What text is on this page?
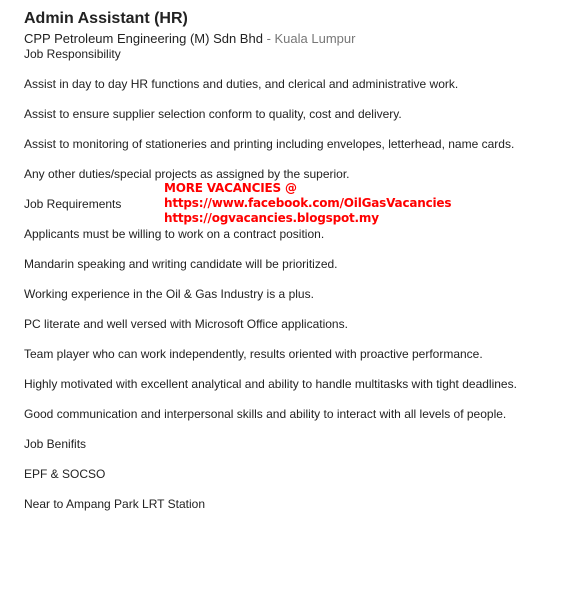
Admin Assistant (HR)
CPP Petroleum Engineering (M) Sdn Bhd - Kuala Lumpur
Job Responsibility
Assist in day to day HR functions and duties, and clerical and administrative work.
Assist to ensure supplier selection conform to quality, cost and delivery.
Assist to monitoring of stationeries and printing including envelopes, letterhead, name cards.
Any other duties/special projects as assigned by the superior.
MORE VACANCIES @
Job Requirements	https://www.facebook.com/OilGasVacancies
https://ogvacancies.blogspot.my
Applicants must be willing to work on a contract position.
Mandarin speaking and writing candidate will be prioritized.
Working experience in the Oil & Gas Industry is a plus.
PC literate and well versed with Microsoft Office applications.
Team player who can work independently, results oriented with proactive performance.
Highly motivated with excellent analytical and ability to handle multitasks with tight deadlines.
Good communication and interpersonal skills and ability to interact with all levels of people.
Job Benifits
EPF & SOCSO
Near to Ampang Park LRT Station
